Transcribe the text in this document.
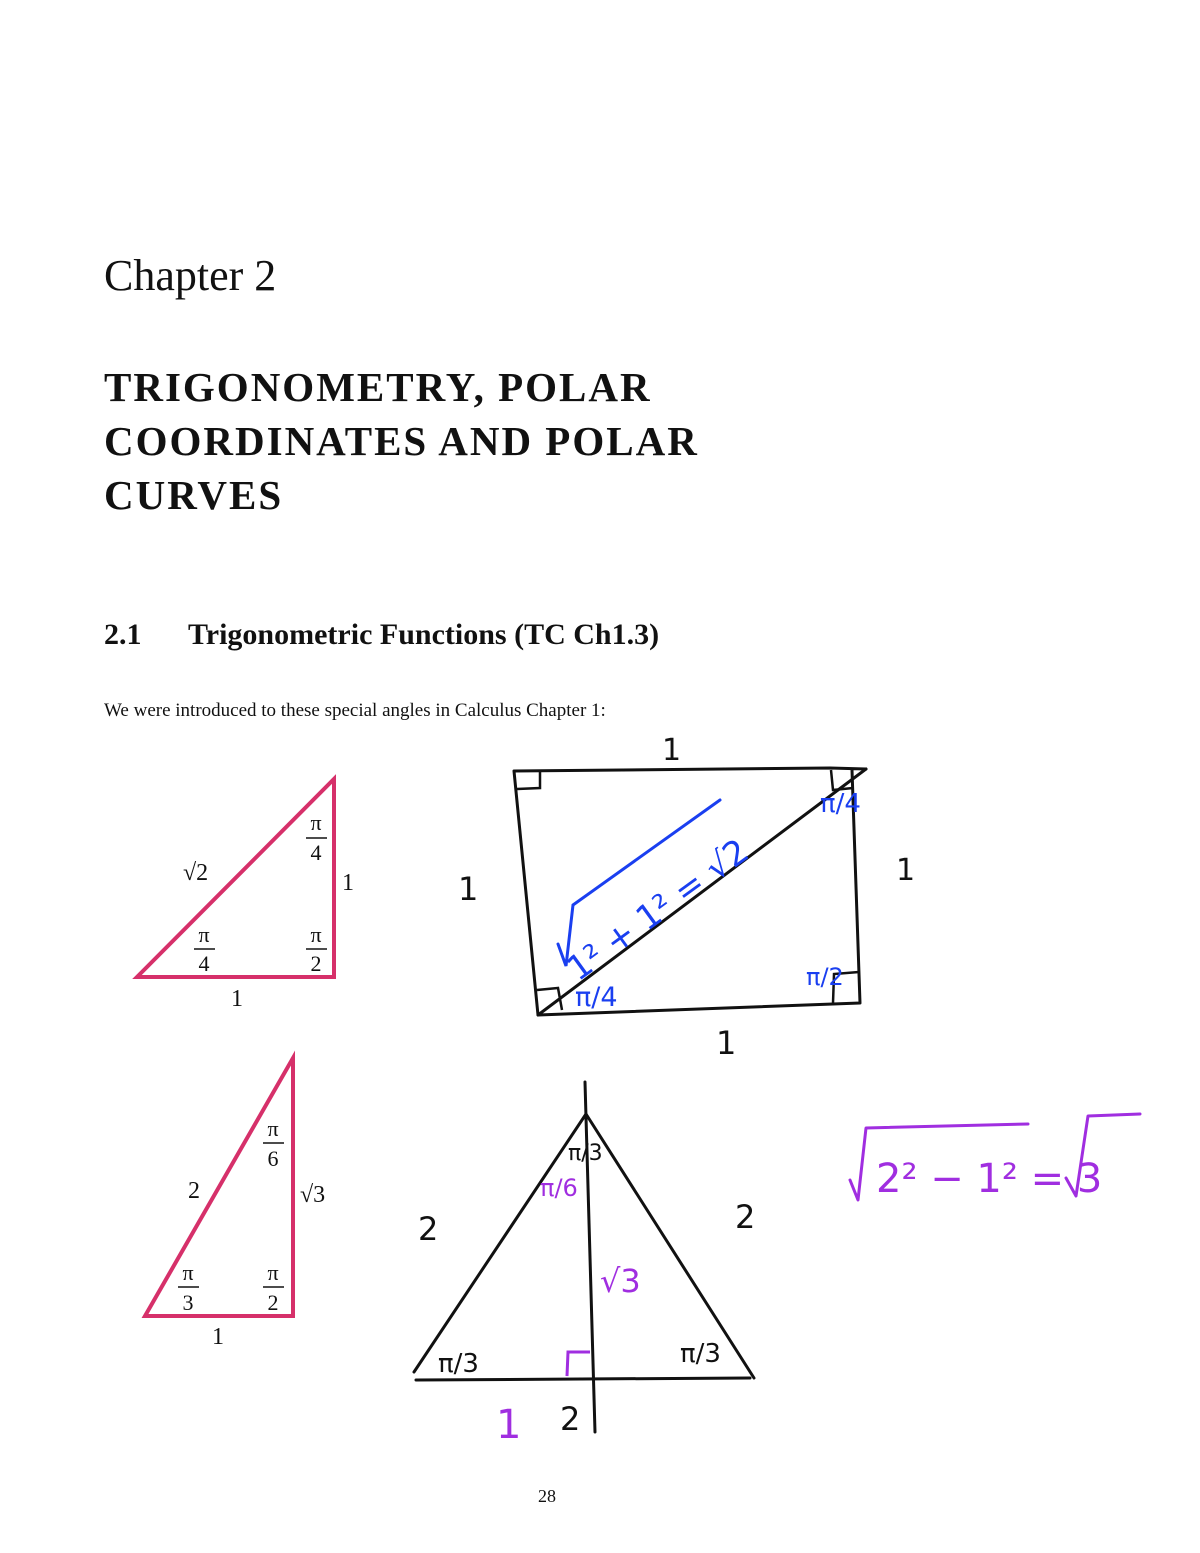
Chapter 2
TRIGONOMETRY, POLAR
COORDINATES AND POLAR
CURVES
2.1 Trigonometric Functions (TC Ch1.3)
We were introduced to these special angles in Calculus Chapter 1:
√2
π
4
1
π
4
π
2
1
π
6
2	√3
π
3
π
2
1
1
1	1
1
1² + 1² = √2
π/4
π/4
π/2
2	2
π/3
π/6
√3
π/3	π/3
1 2
2² − 1² = 3
28
